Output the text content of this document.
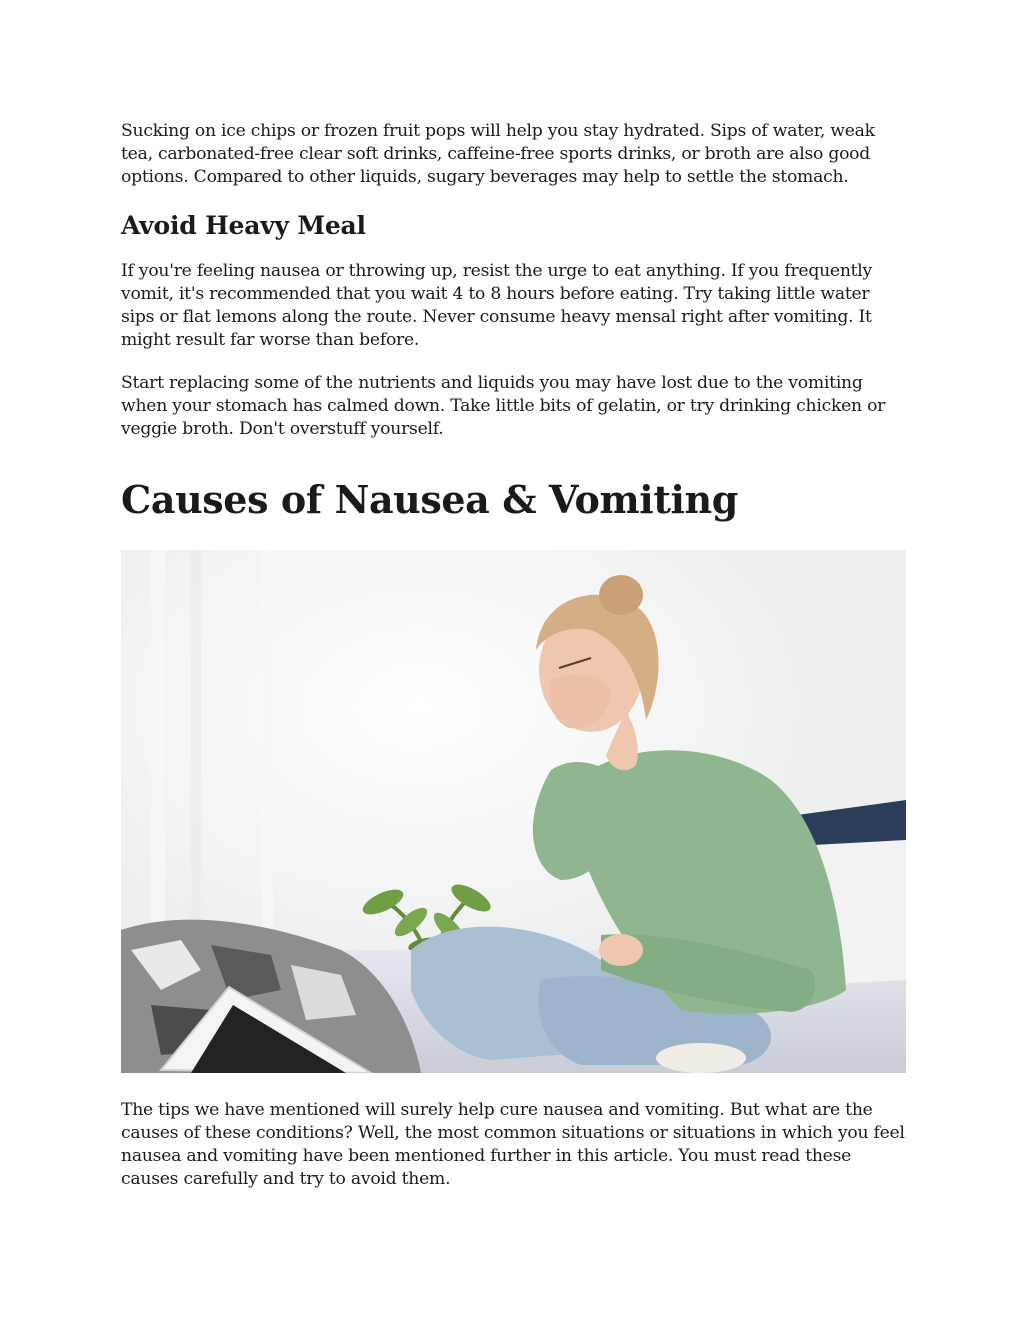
Sucking on ice chips or frozen fruit pops will help you stay hydrated. Sips of water, weak tea, carbonated-free clear soft drinks, caffeine-free sports drinks, or broth are also good options. Compared to other liquids, sugary beverages may help to settle the stomach.

Avoid Heavy Meal

If you're feeling nausea or throwing up, resist the urge to eat anything. If you frequently vomit, it's recommended that you wait 4 to 8 hours before eating. Try taking little water sips or flat lemons along the route. Never consume heavy mensal right after vomiting. It might result far worse than before.

Start replacing some of the nutrients and liquids you may have lost due to the vomiting when your stomach has calmed down. Take little bits of gelatin, or try drinking chicken or veggie broth. Don't overstuff yourself.

Causes of Nausea & Vomiting

The tips we have mentioned will surely help cure nausea and vomiting. But what are the causes of these conditions? Well, the most common situations or situations in which you feel nausea and vomiting have been mentioned further in this article. You must read these causes carefully and try to avoid them.
